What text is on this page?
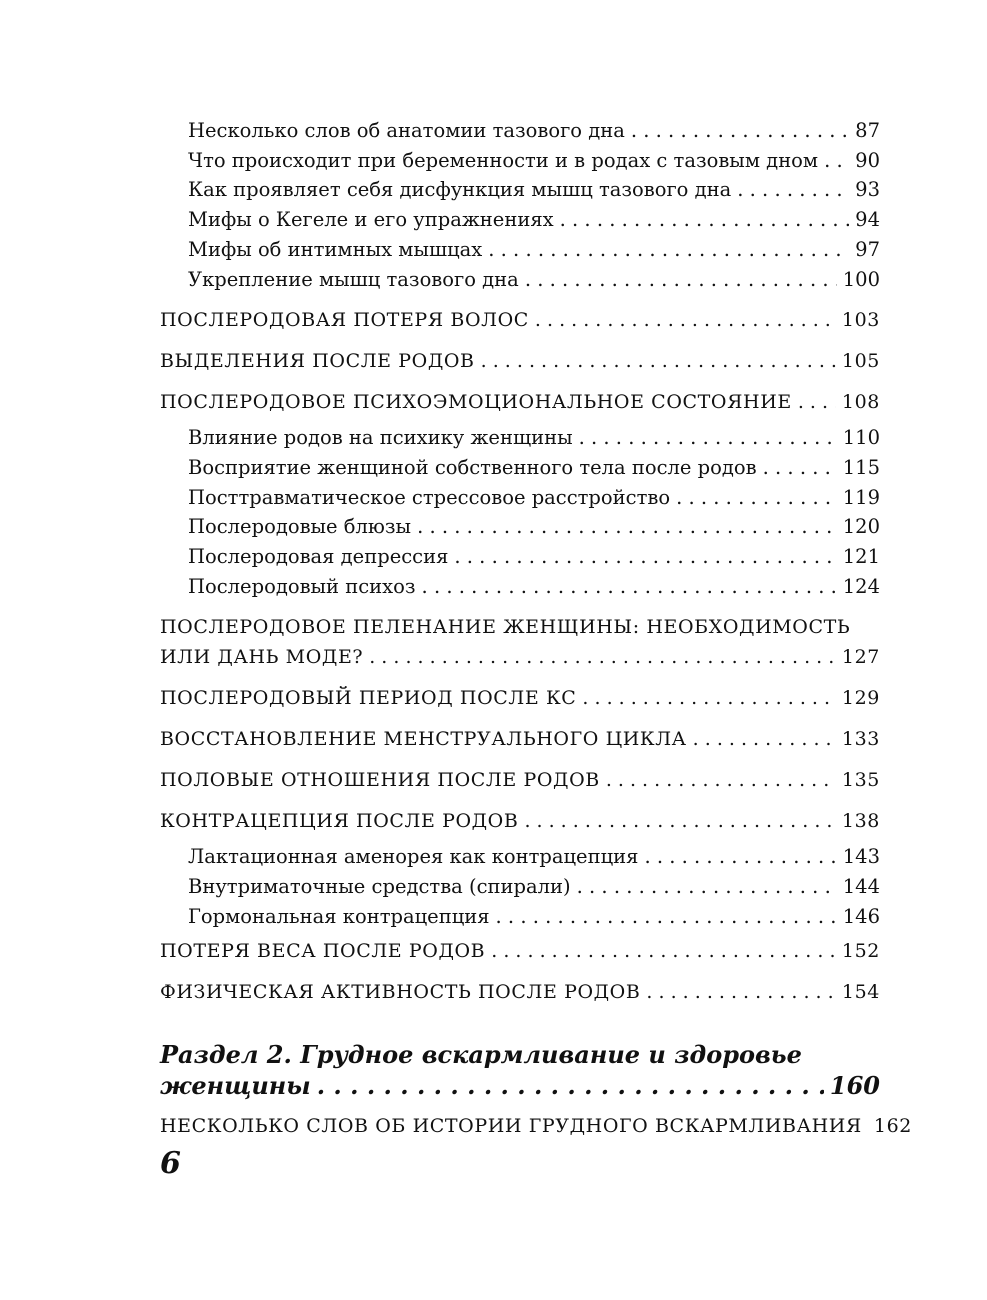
Несколько слов об анатомии тазового дна . . .	87
Что происходит при беременности и в родах с тазовым дном . . . 90
Как проявляет себя дисфункция мышц тазового дна . . .	93
Мифы о Кегеле и его упражнениях . . .	94
Мифы об интимных мышцах . . .	97
Укрепление мышц тазового дна . . .	100
ПОСЛЕРОДОВАЯ ПОТЕРЯ ВОЛОС . . .	103
ВЫДЕЛЕНИЯ ПОСЛЕ РОДОВ . . .	105
ПОСЛЕРОДОВОЕ ПСИХОЭМОЦИОНАЛЬНОЕ СОСТОЯНИЕ . . .	108
Влияние родов на психику женщины . . .	110
Восприятие женщиной собственного тела после родов . . .	115
Посттравматическое стрессовое расстройство . . .	119
Послеродовые блюзы . . .	120
Послеродовая депрессия . . .	121
Послеродовый психоз . . .	124
ПОСЛЕРОДОВОЕ ПЕЛЕНАНИЕ ЖЕНЩИНЫ: НЕОБХОДИМОСТЬ
ИЛИ ДАНЬ МОДЕ? . . .	127
ПОСЛЕРОДОВЫЙ ПЕРИОД ПОСЛЕ КС . . .	129
ВОССТАНОВЛЕНИЕ МЕНСТРУАЛЬНОГО ЦИКЛА . . .	133
ПОЛОВЫЕ ОТНОШЕНИЯ ПОСЛЕ РОДОВ . . .	135
КОНТРАЦЕПЦИЯ ПОСЛЕ РОДОВ . . .	138
Лактационная аменорея как контрацепция . . .	143
Внутриматочные средства (спирали) . . .	144
Гормональная контрацепция . . .	146
ПОТЕРЯ ВЕСА ПОСЛЕ РОДОВ . . .	152
ФИЗИЧЕСКАЯ АКТИВНОСТЬ ПОСЛЕ РОДОВ . . .	154
Раздел 2. Грудное вскармливание и здоровье
женщины . . .	160
НЕСКОЛЬКО СЛОВ ОБ ИСТОРИИ ГРУДНОГО ВСКАРМЛИВАНИЯ 162
6
